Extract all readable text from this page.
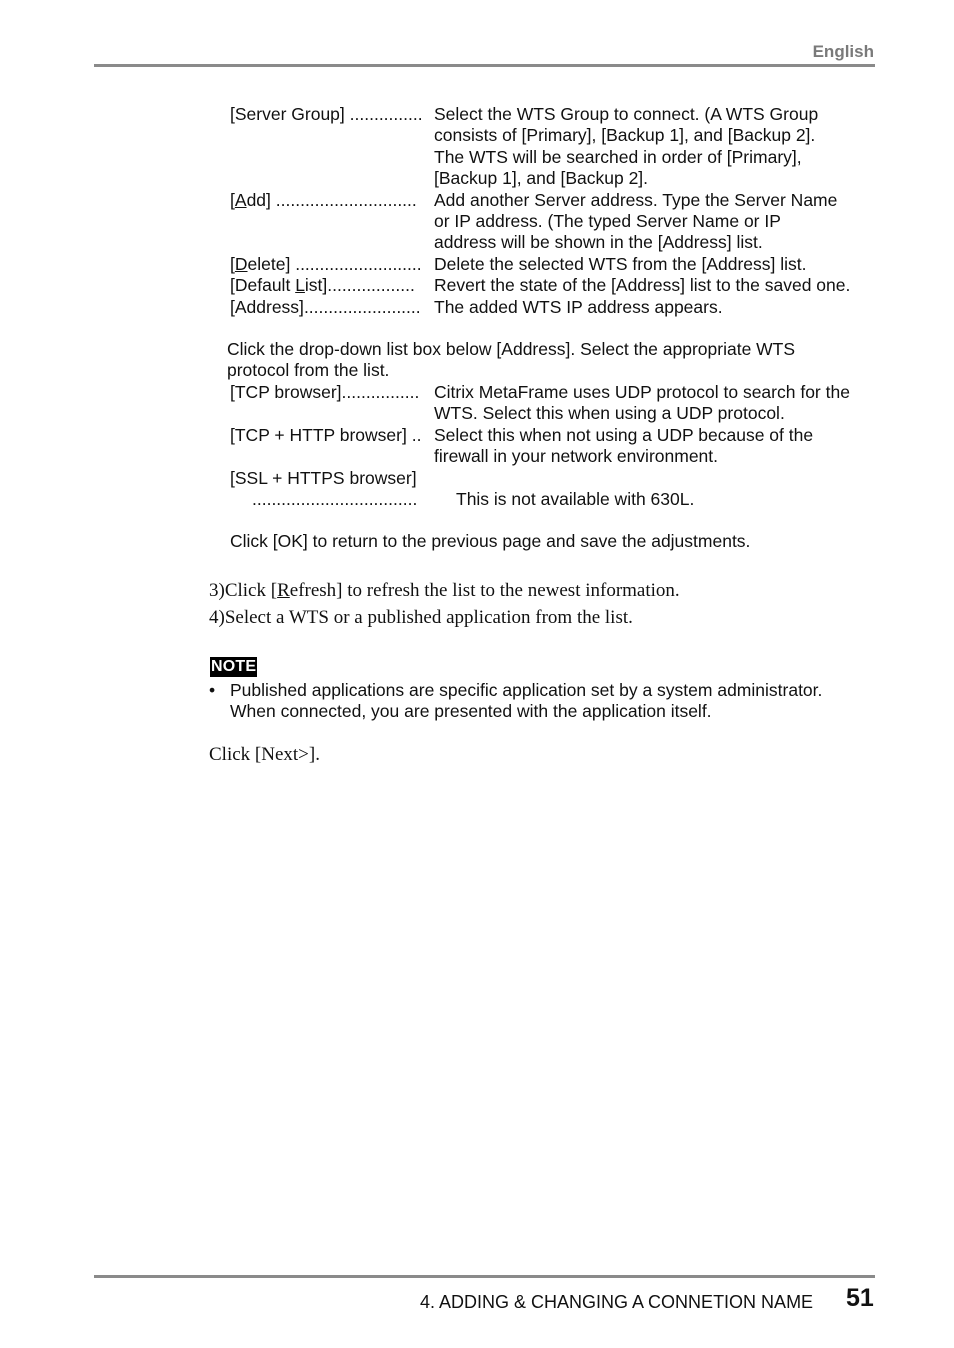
English
[Server Group] ............... Select the WTS Group to connect. (A WTS Group
consists of [Primary], [Backup 1], and [Backup 2].
The WTS will be searched in order of [Primary],
[Backup 1], and [Backup 2].
[Add] ............................. Add another Server address. Type the Server Name
or IP address. (The typed Server Name or IP
address will be shown in the [Address] list.
[Delete] .......................... Delete the selected WTS from the [Address] list.
[Default List]..................	Revert the state of the [Address] list to the saved one.
[Address]........................ The added WTS IP address appears.
Click the drop-down list box below [Address]. Select the appropriate WTS
protocol from the list.
[TCP browser]................ Citrix MetaFrame uses UDP protocol to search for the
WTS. Select this when using a UDP protocol.
[TCP + HTTP browser] .. Select this when not using a UDP because of the
firewall in your network environment.
[SSL + HTTPS browser]
..................................	This is not available with 630L.
Click [OK] to return to the previous page and save the adjustments.
3)Click [Refresh] to refresh the list to the newest information.
4)Select a WTS or a published application from the list.
NOTE
• Published applications are specific application set by a system administrator.
When connected, you are presented with the application itself.
Click [Next>].
4. ADDING & CHANGING A CONNETION NAME 51
